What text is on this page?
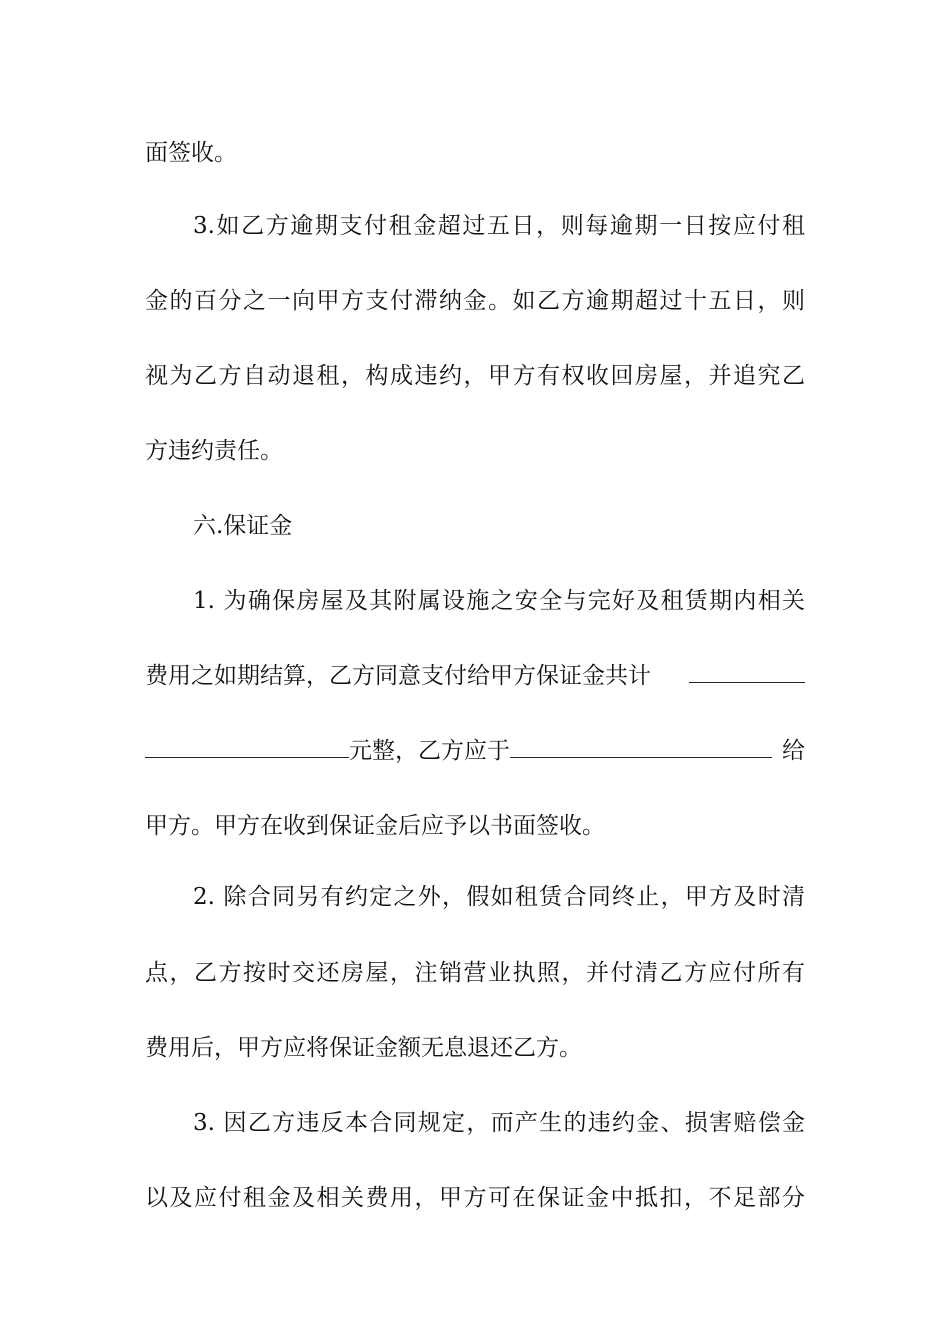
面签收。
3.如乙方逾期支付租金超过五日，则每逾期一日按应付租
金的百分之一向甲方支付滞纳金。如乙方逾期超过十五日，则
视为乙方自动退租，构成违约，甲方有权收回房屋，并追究乙
方违约责任。
六.保证金
1. 为确保房屋及其附属设施之安全与完好及租赁期内相关
费用之如期结算，乙方同意支付给甲方保证金共计
元整，乙方应于	给
甲方。甲方在收到保证金后应予以书面签收。
2. 除合同另有约定之外，假如租赁合同终止，甲方及时清
点，乙方按时交还房屋，注销营业执照，并付清乙方应付所有
费用后，甲方应将保证金额无息退还乙方。
3. 因乙方违反本合同规定，而产生的违约金、损害赔偿金
以及应付租金及相关费用，甲方可在保证金中抵扣，不足部分
